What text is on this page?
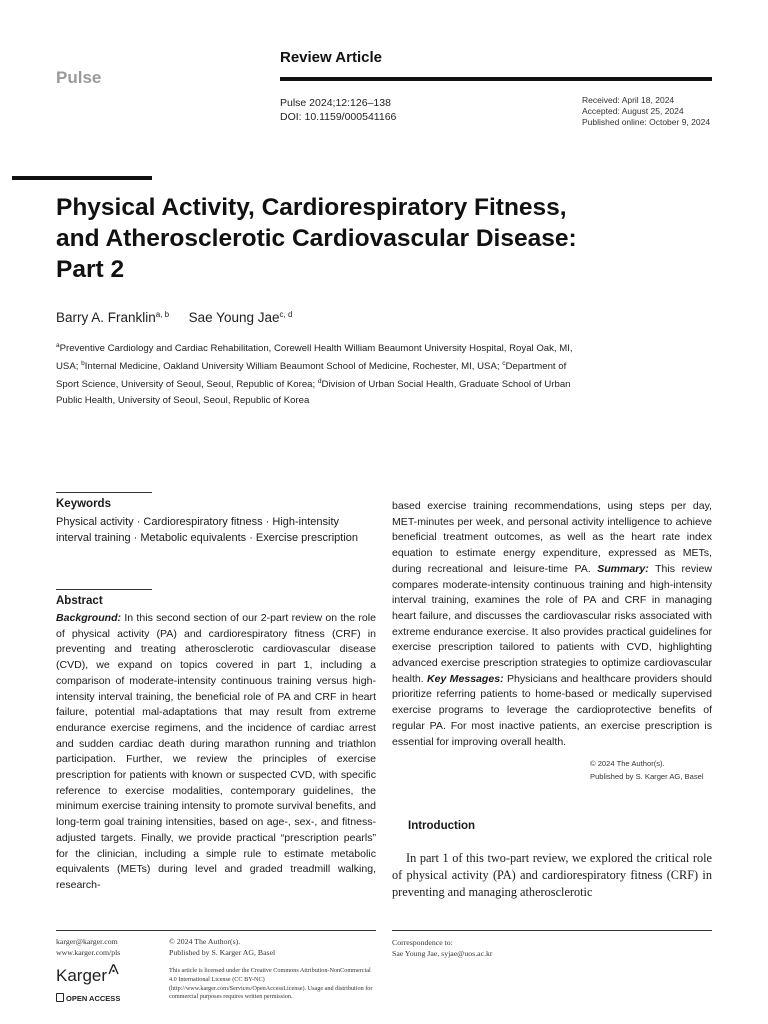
Pulse
Review Article
Pulse 2024;12:126–138
DOI: 10.1159/000541166
Received: April 18, 2024
Accepted: August 25, 2024
Published online: October 9, 2024
Physical Activity, Cardiorespiratory Fitness, and Atherosclerotic Cardiovascular Disease: Part 2
Barry A. Franklin$^{a, b}$ Sae Young Jae$^{c, d}$

$^a$Preventive Cardiology and Cardiac Rehabilitation, Corewell Health William Beaumont University Hospital, Royal Oak, MI, USA; $^b$Internal Medicine, Oakland University William Beaumont School of Medicine, Rochester, MI, USA; $^c$Department of Sport Science, University of Seoul, Seoul, Republic of Korea; $^d$Division of Urban Social Health, Graduate School of Urban Public Health, University of Seoul, Seoul, Republic of Korea

Keywords

Physical activity · Cardiorespiratory fitness · High-intensity interval training · Metabolic equivalents · Exercise prescription

Abstract

Background: In this second section of our 2-part review on the role of physical activity (PA) and cardiorespiratory fitness (CRF) in preventing and treating atherosclerotic cardiovascular disease (CVD), we expand on topics covered in part 1, including a comparison of moderate-intensity continuous training versus high-intensity interval training, the beneficial role of PA and CRF in heart failure, potential mal-adaptations that may result from extreme endurance exercise regimens, and the incidence of cardiac arrest and sudden cardiac death during marathon running and triathlon participation. Further, we review the principles of exercise prescription for patients with known or suspected CVD, with specific reference to exercise modalities, contemporary guidelines, the minimum exercise training intensity to promote survival benefits, and long-term goal training intensities, based on age-, sex-, and fitness-adjusted targets. Finally, we provide practical “prescription pearls” for the clinician, including a simple rule to estimate metabolic equivalents (METs) during level and graded treadmill walking, research-

based exercise training recommendations, using steps per day, MET-minutes per week, and personal activity intelligence to achieve beneficial treatment outcomes, as well as the heart rate index equation to estimate energy expenditure, expressed as METs, during recreational and leisure-time PA. Summary: This review compares moderate-intensity continuous training and high-intensity interval training, examines the role of PA and CRF in managing heart failure, and discusses the cardiovascular risks associated with extreme endurance exercise. It also provides practical guidelines for exercise prescription tailored to patients with CVD, highlighting advanced exercise prescription strategies to optimize cardiovascular health. Key Messages: Physicians and healthcare providers should prioritize referring patients to home-based or medically supervised exercise programs to leverage the cardioprotective benefits of regular PA. For most inactive patients, an exercise prescription is essential for improving overall health.

© 2024 The Author(s).
Published by S. Karger AG, Basel
Introduction

In part 1 of this two-part review, we explored the critical role of physical activity (PA) and cardiorespiratory fitness (CRF) in preventing and managing atherosclerotic

karger@karger.com
www.karger.com/pls
© 2024 The Author(s).
Published by S. Karger AG, Basel

This article is licensed under the Creative Commons Attribution-NonCommercial 4.0 International License (CC BY-NC) (http://www.karger.com/Services/OpenAccessLicense). Usage and distribution for commercial purposes requires written permission.

Correspondence to:
Sae Young Jae, syjae@uos.ac.kr
Karger
OPEN ACCESS
